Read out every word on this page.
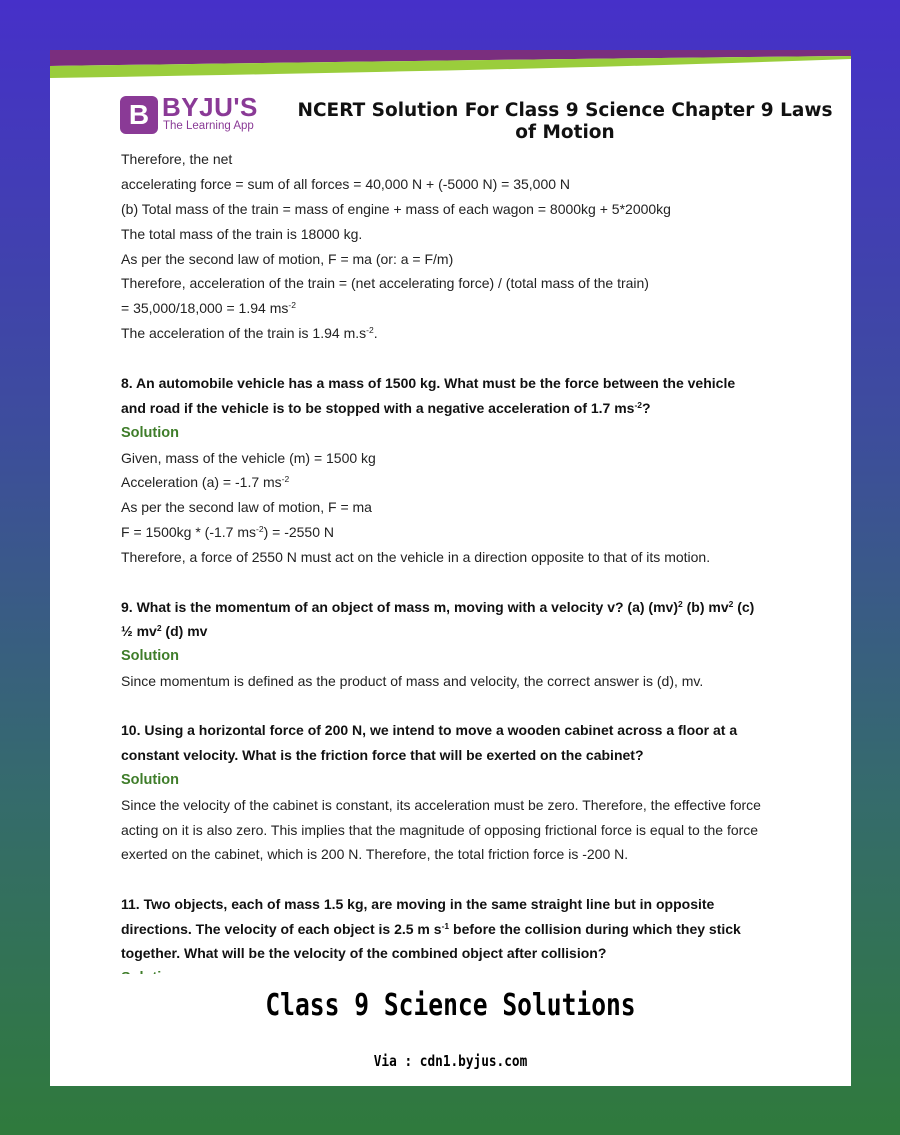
B BYJU'S
The Learning App
NCERT Solution For Class 9 Science Chapter 9 Laws of Motion
Therefore, the net
accelerating force = sum of all forces = 40,000 N + (-5000 N) = 35,000 N
(b) Total mass of the train = mass of engine + mass of each wagon = 8000kg + 5*2000kg
The total mass of the train is 18000 kg.
As per the second law of motion, F = ma (or: a = F/m)
Therefore, acceleration of the train = (net accelerating force) / (total mass of the train)
= 35,000/18,000 = 1.94 $ms^{-2}$
The acceleration of the train is 1.94 $m.s^{-2}$.
8. An automobile vehicle has a mass of 1500 kg. What must be the force between the vehicle
and road if the vehicle is to be stopped with a negative acceleration of 1.7 $ms^{-2}$?
Solution
Given, mass of the vehicle (m) = 1500 kg
Acceleration (a) = -1.7 $ms^{-2}$
As per the second law of motion, F = ma
F = 1500kg * (-1.7 $ms^{-2}) = -2550$ N
Therefore, a force of 2550 N must act on the vehicle in a direction opposite to that of its motion.
9. What is the momentum of an object of mass m, moving with a velocity v? (a) (mv)$^2$ (b) $mv^2$ (c)
½ $mv^2$ (d) mv
Solution
Since momentum is defined as the product of mass and velocity, the correct answer is (d), mv.
10. Using a horizontal force of 200 N, we intend to move a wooden cabinet across a floor at a
constant velocity. What is the friction force that will be exerted on the cabinet?
Solution
Since the velocity of the cabinet is constant, its acceleration must be zero. Therefore, the effective force
acting on it is also zero. This implies that the magnitude of opposing frictional force is equal to the force
exerted on the cabinet, which is 200 N. Therefore, the total friction force is -200 N.
11. Two objects, each of mass 1.5 kg, are moving in the same straight line but in opposite
directions. The velocity of each object is 2.5 m $s^{-1}$ before the collision during which they stick
together. What will be the velocity of the combined object after collision?
Class 9 Science Solutions
Via : cdn1.byjus.com
